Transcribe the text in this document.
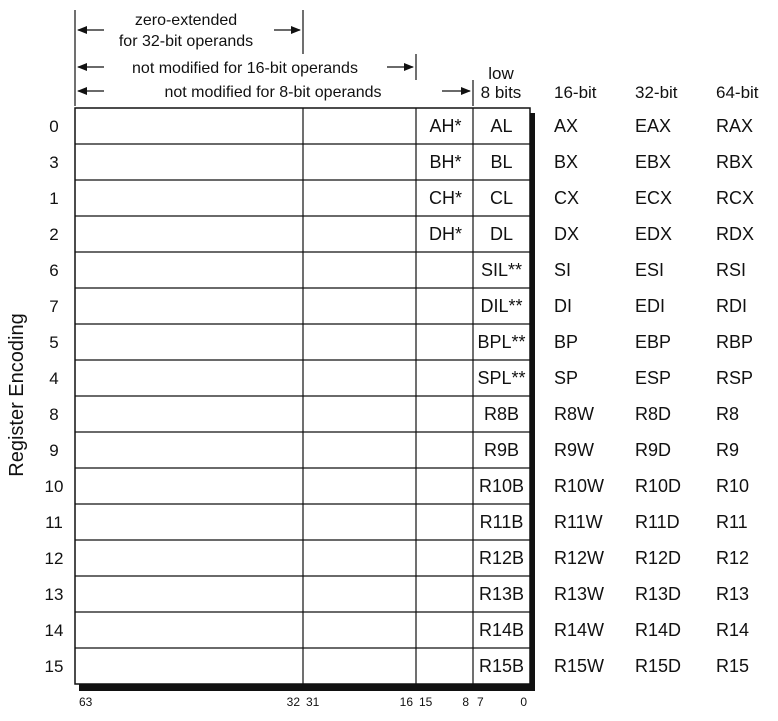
zero-extended
for 32-bit operands
not modified for 16-bit operands
not modified for 8-bit operands
low
8 bits 16-bit 32-bit 64-bit
Register Encoding
0	AH* AL AX	EAX RAX
3	BH* BL BX	EBX RBX
1	CH* CL CX	ECX RCX
2	DH* DL DX	EDX RDX
6	SIL** SI	ESI	RSI
7	DIL** DI	EDI	RDI
5	BPL** BP	EBP RBP
4	SPL** SP	ESP RSP
8	R8B R8W R8D R8
9	R9B R9W R9D R9
10	R10B R10W R10D R10
11	R11B R11W R11D R11
12	R12B R12W R12D R12
13	R13B R13W R13D R13
14	R14B R14W R14D R14
15	R15B R15W R15D R15
63	32 31	16 15 8 7	0
